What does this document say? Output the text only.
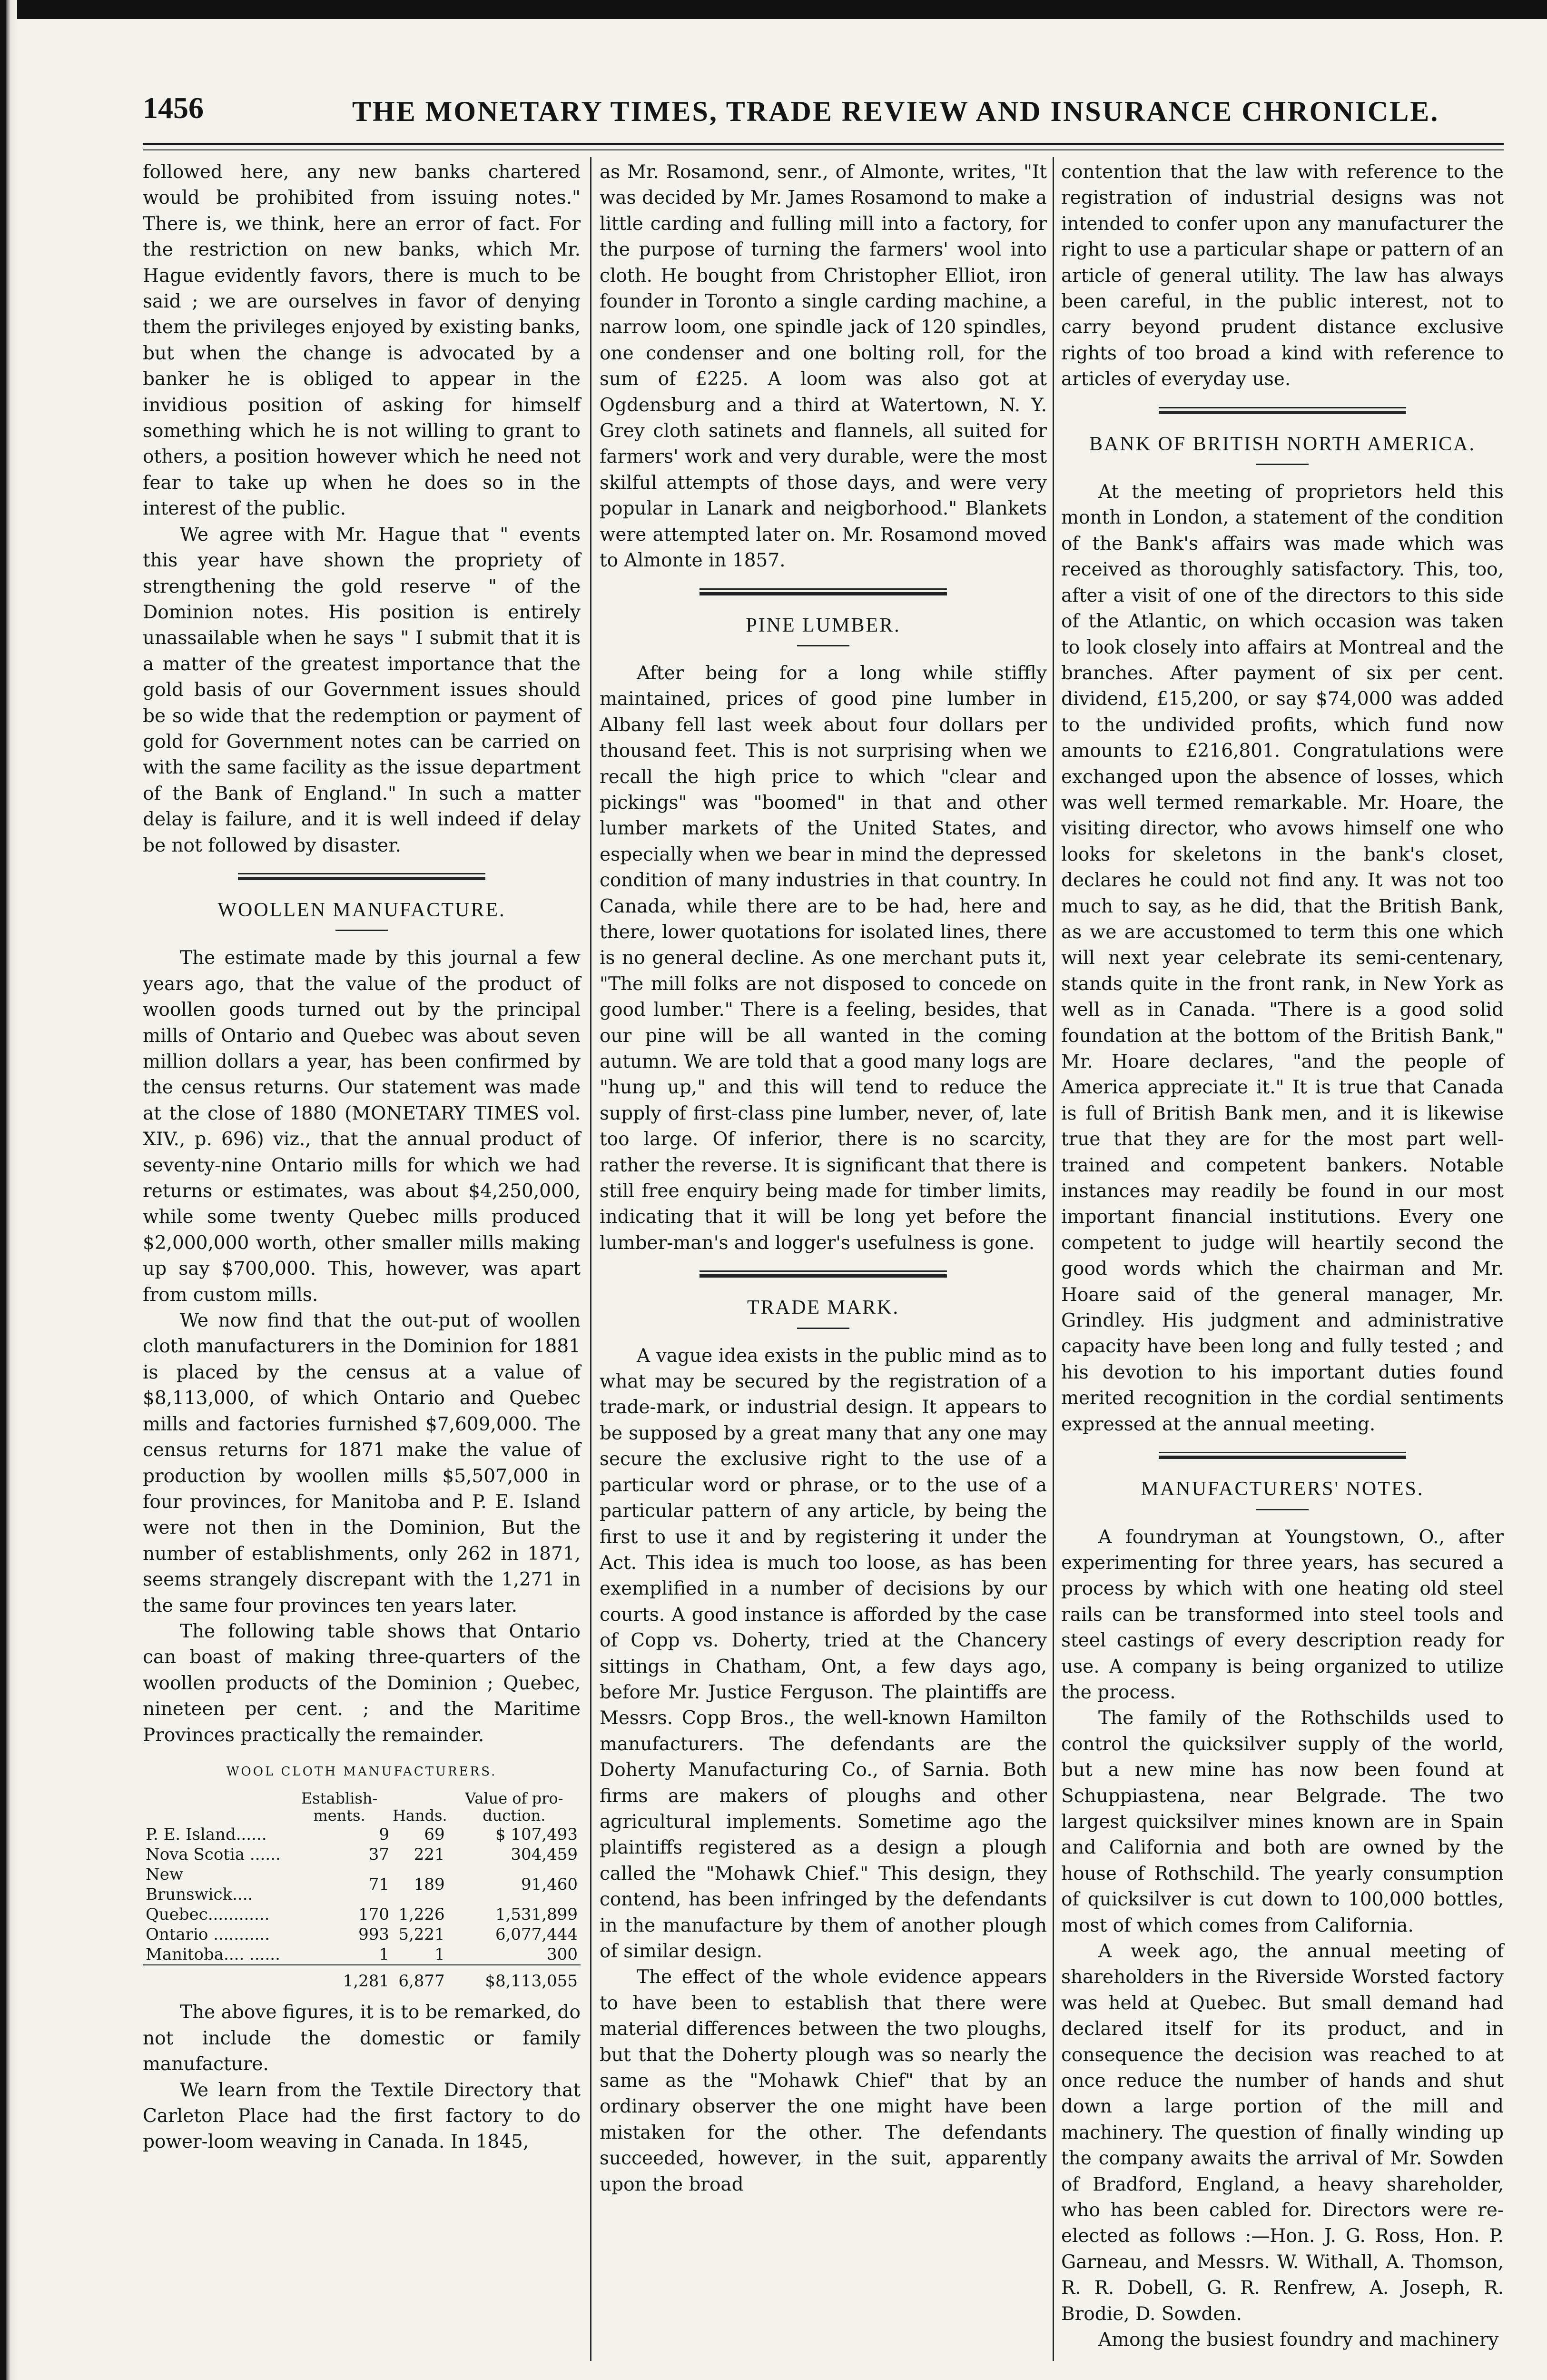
1456	THE MONETARY TIMES, TRADE REVIEW AND INSURANCE CHRONICLE.

followed here, any new banks chartered would be prohibited from issuing notes." There is, we think, here an error of fact. For the restriction on new banks, which Mr. Hague evidently favors, there is much to be said ; we are ourselves in favor of denying them the privileges enjoyed by existing banks, but when the change is advocated by a banker he is obliged to appear in the invidious position of asking for himself something which he is not willing to grant to others, a position however which he need not fear to take up when he does so in the interest of the public.

We agree with Mr. Hague that " events this year have shown the propriety of strengthening the gold reserve " of the Dominion notes. His position is entirely unassailable when he says " I submit that it is a matter of the greatest importance that the gold basis of our Government issues should be so wide that the redemption or payment of gold for Government notes can be carried on with the same facility as the issue department of the Bank of England." In such a matter delay is failure, and it is well indeed if delay be not followed by disaster.

WOOLLEN MANUFACTURE.

The estimate made by this journal a few years ago, that the value of the product of woollen goods turned out by the principal mills of Ontario and Quebec was about seven million dollars a year, has been confirmed by the census returns. Our statement was made at the close of 1880 (MONETARY TIMES vol. XIV., p. 696) viz., that the annual product of seventy-nine Ontario mills for which we had returns or estimates, was about $4,250,000, while some twenty Quebec mills produced $2,000,000 worth, other smaller mills making up say $700,000. This, however, was apart from custom mills.

We now find that the out-put of woollen cloth manufacturers in the Dominion for 1881 is placed by the census at a value of $8,113,000, of which Ontario and Quebec mills and factories furnished $7,609,000. The census returns for 1871 make the value of production by woollen mills $5,507,000 in four provinces, for Manitoba and P. E. Island were not then in the Dominion, But the number of establishments, only 262 in 1871, seems strangely discrepant with the 1,271 in the same four provinces ten years later.

The following table shows that Ontario can boast of making three-quarters of the woollen products of the Dominion ; Quebec, nineteen per cent. ; and the Maritime Provinces practically the remainder.

WOOL CLOTH MANUFACTURERS.
	Establish-ments.	Hands.	Value of pro-duction.
P. E. Island......	9	69	$ 107,493
Nova Scotia ......	37	221	304,459
New Brunswick....	71	189	91,460
Quebec............	170	1,226	1,531,899
Ontario ...........	993	5,221	6,077,444
Manitoba.... ......	1	1	300
	1,281	6,877	$8,113,055

The above figures, it is to be remarked, do not include the domestic or family manufacture.

We learn from the Textile Directory that Carleton Place had the first factory to do power-loom weaving in Canada. In 1845,

as Mr. Rosamond, senr., of Almonte, writes, "It was decided by Mr. James Rosamond to make a little carding and fulling mill into a factory, for the purpose of turning the farmers' wool into cloth. He bought from Christopher Elliot, iron founder in Toronto a single carding machine, a narrow loom, one spindle jack of 120 spindles, one condenser and one bolting roll, for the sum of £225. A loom was also got at Ogdensburg and a third at Watertown, N. Y. Grey cloth satinets and flannels, all suited for farmers' work and very durable, were the most skilful attempts of those days, and were very popular in Lanark and neigborhood." Blankets were attempted later on. Mr. Rosamond moved to Almonte in 1857.

PINE LUMBER.

After being for a long while stiffly maintained, prices of good pine lumber in Albany fell last week about four dollars per thousand feet. This is not surprising when we recall the high price to which "clear and pickings" was "boomed" in that and other lumber markets of the United States, and especially when we bear in mind the depressed condition of many industries in that country. In Canada, while there are to be had, here and there, lower quotations for isolated lines, there is no general decline. As one merchant puts it, "The mill folks are not disposed to concede on good lumber." There is a feeling, besides, that our pine will be all wanted in the coming autumn. We are told that a good many logs are "hung up," and this will tend to reduce the supply of first-class pine lumber, never, of, late too large. Of inferior, there is no scarcity, rather the reverse. It is significant that there is still free enquiry being made for timber limits, indicating that it will be long yet before the lumber-man's and logger's usefulness is gone.

TRADE MARK.

A vague idea exists in the public mind as to what may be secured by the registration of a trade-mark, or industrial design. It appears to be supposed by a great many that any one may secure the exclusive right to the use of a particular word or phrase, or to the use of a particular pattern of any article, by being the first to use it and by registering it under the Act. This idea is much too loose, as has been exemplified in a number of decisions by our courts. A good instance is afforded by the case of Copp vs. Doherty, tried at the Chancery sittings in Chatham, Ont, a few days ago, before Mr. Justice Ferguson. The plaintiffs are Messrs. Copp Bros., the well-known Hamilton manufacturers. The defendants are the Doherty Manufacturing Co., of Sarnia. Both firms are makers of ploughs and other agricultural implements. Sometime ago the plaintiffs registered as a design a plough called the "Mohawk Chief." This design, they contend, has been infringed by the defendants in the manufacture by them of another plough of similar design.

The effect of the whole evidence appears to have been to establish that there were material differences between the two ploughs, but that the Doherty plough was so nearly the same as the "Mohawk Chief" that by an ordinary observer the one might have been mistaken for the other. The defendants succeeded, however, in the suit, apparently upon the broad

contention that the law with reference to the registration of industrial designs was not intended to confer upon any manufacturer the right to use a particular shape or pattern of an article of general utility. The law has always been careful, in the public interest, not to carry beyond prudent distance exclusive rights of too broad a kind with reference to articles of everyday use.

BANK OF BRITISH NORTH AMERICA.

At the meeting of proprietors held this month in London, a statement of the condition of the Bank's affairs was made which was received as thoroughly satisfactory. This, too, after a visit of one of the directors to this side of the Atlantic, on which occasion was taken to look closely into affairs at Montreal and the branches. After payment of six per cent. dividend, £15,200, or say $74,000 was added to the undivided profits, which fund now amounts to £216,801. Congratulations were exchanged upon the absence of losses, which was well termed remarkable. Mr. Hoare, the visiting director, who avows himself one who looks for skeletons in the bank's closet, declares he could not find any. It was not too much to say, as he did, that the British Bank, as we are accustomed to term this one which will next year celebrate its semi-centenary, stands quite in the front rank, in New York as well as in Canada. "There is a good solid foundation at the bottom of the British Bank," Mr. Hoare declares, "and the people of America appreciate it." It is true that Canada is full of British Bank men, and it is likewise true that they are for the most part well-trained and competent bankers. Notable instances may readily be found in our most important financial institutions. Every one competent to judge will heartily second the good words which the chairman and Mr. Hoare said of the general manager, Mr. Grindley. His judgment and administrative capacity have been long and fully tested ; and his devotion to his important duties found merited recognition in the cordial sentiments expressed at the annual meeting.

MANUFACTURERS' NOTES.

A foundryman at Youngstown, O., after experimenting for three years, has secured a process by which with one heating old steel rails can be transformed into steel tools and steel castings of every description ready for use. A company is being organized to utilize the process.

The family of the Rothschilds used to control the quicksilver supply of the world, but a new mine has now been found at Schuppiastena, near Belgrade. The two largest quicksilver mines known are in Spain and California and both are owned by the house of Rothschild. The yearly consumption of quicksilver is cut down to 100,000 bottles, most of which comes from California.

A week ago, the annual meeting of shareholders in the Riverside Worsted factory was held at Quebec. But small demand had declared itself for its product, and in consequence the decision was reached to at once reduce the number of hands and shut down a large portion of the mill and machinery. The question of finally winding up the company awaits the arrival of Mr. Sowden of Bradford, England, a heavy shareholder, who has been cabled for. Directors were re-elected as follows :—Hon. J. G. Ross, Hon. P. Garneau, and Messrs. W. Withall, A. Thomson, R. R. Dobell, G. R. Renfrew, A. Joseph, R. Brodie, D. Sowden.

Among the busiest foundry and machinery
